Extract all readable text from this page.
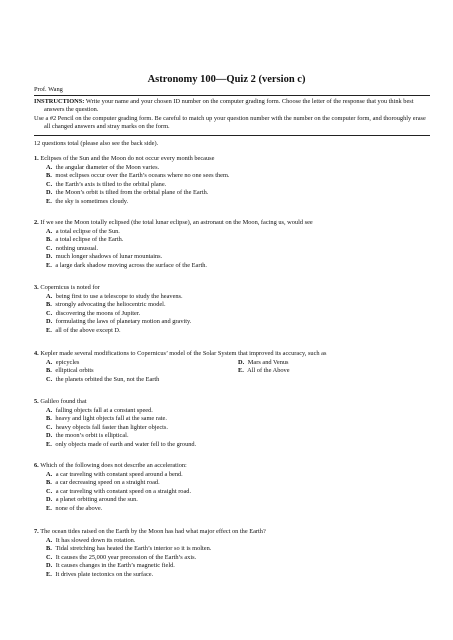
Astronomy 100—Quiz 2 (version c)
Prof. Wang

INSTRUCTIONS: Write your name and your chosen ID number on the computer grading form. Choose the letter of the response that you think best answers the question.

Use a #2 Pencil on the computer grading form. Be careful to match up your question number with the number on the computer form, and thoroughly erase all changed answers and stray marks on the form.

12 questions total (please also see the back side).
1. Eclipses of the Sun and the Moon do not occur every month because
A. the angular diameter of the Moon varies.
B. most eclipses occur over the Earth’s oceans where no one sees them.
C. the Earth’s axis is tilted to the orbital plane.
D. the Moon’s orbit is tilted from the orbital plane of the Earth.
E. the sky is sometimes cloudy.
2. If we see the Moon totally eclipsed (the total lunar eclipse), an astronaut on the Moon, facing us, would see
A. a total eclipse of the Sun.
B. a total eclipse of the Earth.
C. nothing unusual.
D. much longer shadows of lunar mountains.
E. a large dark shadow moving across the surface of the Earth.
3. Copernicus is noted for
A. being first to use a telescope to study the heavens.
B. strongly advocating the heliocentric model.
C. discovering the moons of Jupiter.
D. formulating the laws of planetary motion and gravity.
E. all of the above except D.
4. Kepler made several modifications to Copernicus’ model of the Solar System that improved its accuracy, such as
A. epicycles	D. Mars and Venus
B. elliptical orbits	E. All of the Above
C. the planets orbited the Sun, not the Earth
5. Galileo found that
A. falling objects fall at a constant speed.
B. heavy and light objects fall at the same rate.
C. heavy objects fall faster than lighter objects.
D. the moon’s orbit is elliptical.
E. only objects made of earth and water fell to the ground.
6. Which of the following does not describe an acceleration:
A. a car traveling with constant speed around a bend.
B. a car decreasing speed on a straight road.
C. a car traveling with constant speed on a straight road.
D. a planet orbiting around the sun.
E. none of the above.
7. The ocean tides raised on the Earth by the Moon has had what major effect on the Earth?
A. It has slowed down its rotation.
B. Tidal stretching has heated the Earth’s interior so it is molten.
C. It causes the 25,000 year precession of the Earth’s axis.
D. It causes changes in the Earth’s magnetic field.
E. It drives plate tectonics on the surface.
